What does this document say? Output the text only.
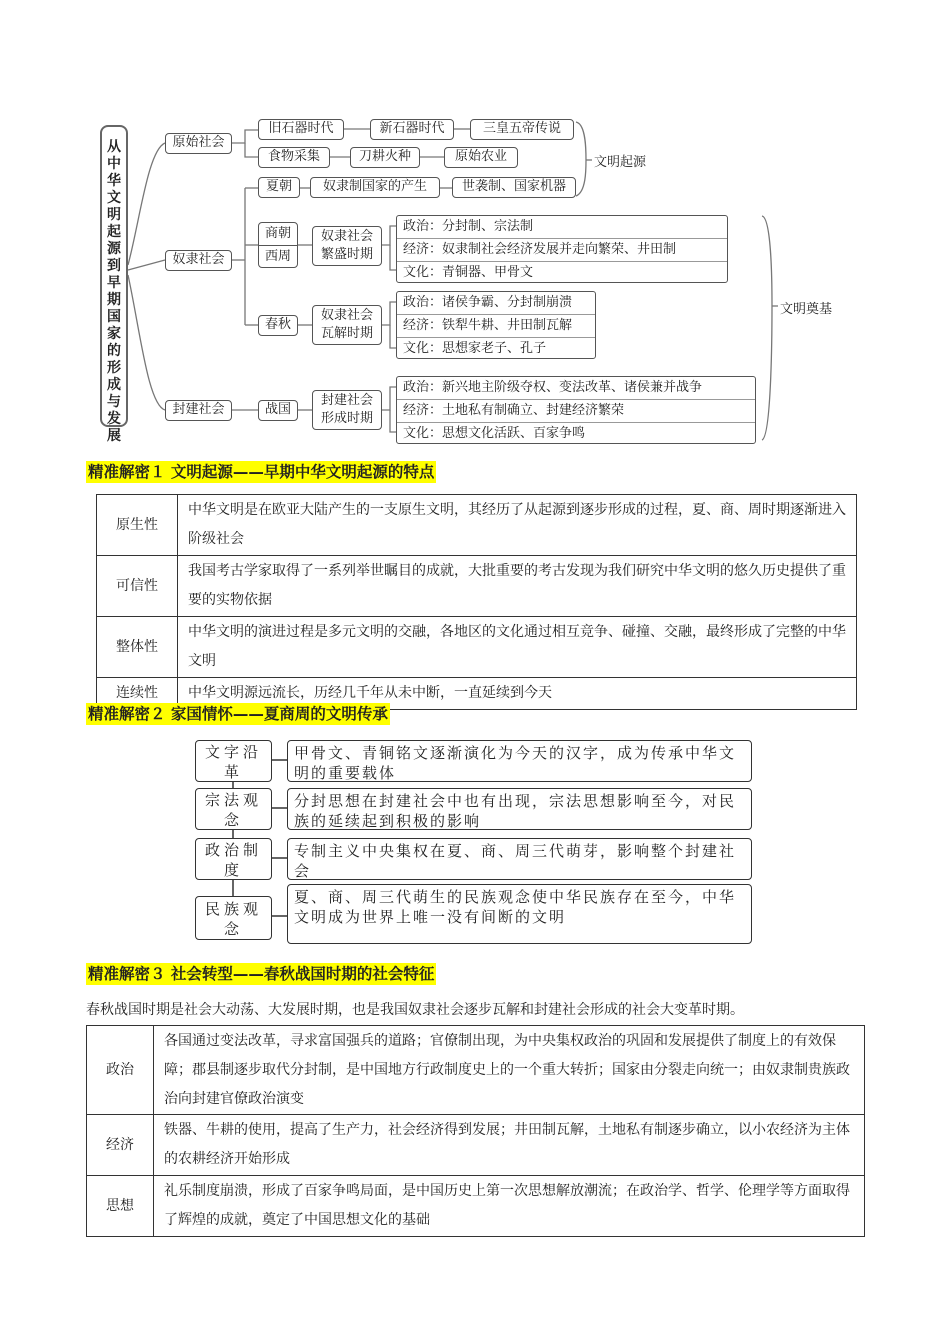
从中华文明起源到早期国家的形成与发展
原始社会
奴隶社会
封建社会
旧石器时代	新石器时代	三皇五帝传说
食物采集	刀耕火种	原始农业
夏朝	奴隶制国家的产生	世袭制、国家机器
商朝
西周
春秋
战国
奴隶社会繁盛时期
奴隶社会瓦解时期
封建社会形成时期
政治：分封制、宗法制
经济：奴隶制社会经济发展并走向繁荣、井田制
文化：青铜器、甲骨文
政治：诸侯争霸、分封制崩溃
经济：铁犁牛耕、井田制瓦解
文化：思想家老子、孔子
政治：新兴地主阶级夺权、变法改革、诸侯兼并战争
经济：土地私有制确立、封建经济繁荣
文化：思想文化活跃、百家争鸣
文明起源
文明奠基
精准解密１ 文明起源——早期中华文明起源的特点
原生性	中华文明是在欧亚大陆产生的一支原生文明，其经历了从起源到逐步形成的过程，夏、商、周时期逐渐进入阶级社会
可信性	我国考古学家取得了一系列举世瞩目的成就，大批重要的考古发现为我们研究中华文明的悠久历史提供了重要的实物依据
整体性	中华文明的演进过程是多元文明的交融，各地区的文化通过相互竞争、碰撞、交融，最终形成了完整的中华文明
连续性	中华文明源远流长，历经几千年从未中断，一直延续到今天
精准解密２ 家国情怀——夏商周的文明传承
文字沿革
甲骨文、青铜铭文逐渐演化为今天的汉字，成为传承中华文明的重要载体
宗法观念
分封思想在封建社会中也有出现，宗法思想影响至今，对民族的延续起到积极的影响
政治制度
专制主义中央集权在夏、商、周三代萌芽，影响整个封建社会
民族观念
夏、商、周三代萌生的民族观念使中华民族存在至今，中华文明成为世界上唯一没有间断的文明
精准解密３ 社会转型——春秋战国时期的社会特征
春秋战国时期是社会大动荡、大发展时期，也是我国奴隶社会逐步瓦解和封建社会形成的社会大变革时期。
政治	各国通过变法改革，寻求富国强兵的道路；官僚制出现，为中央集权政治的巩固和发展提供了制度上的有效保障；郡县制逐步取代分封制，是中国地方行政制度史上的一个重大转折；国家由分裂走向统一；由奴隶制贵族政治向封建官僚政治演变
经济	铁器、牛耕的使用，提高了生产力，社会经济得到发展；井田制瓦解，土地私有制逐步确立，以小农经济为主体的农耕经济开始形成
思想	礼乐制度崩溃，形成了百家争鸣局面，是中国历史上第一次思想解放潮流；在政治学、哲学、伦理学等方面取得了辉煌的成就，奠定了中国思想文化的基础
